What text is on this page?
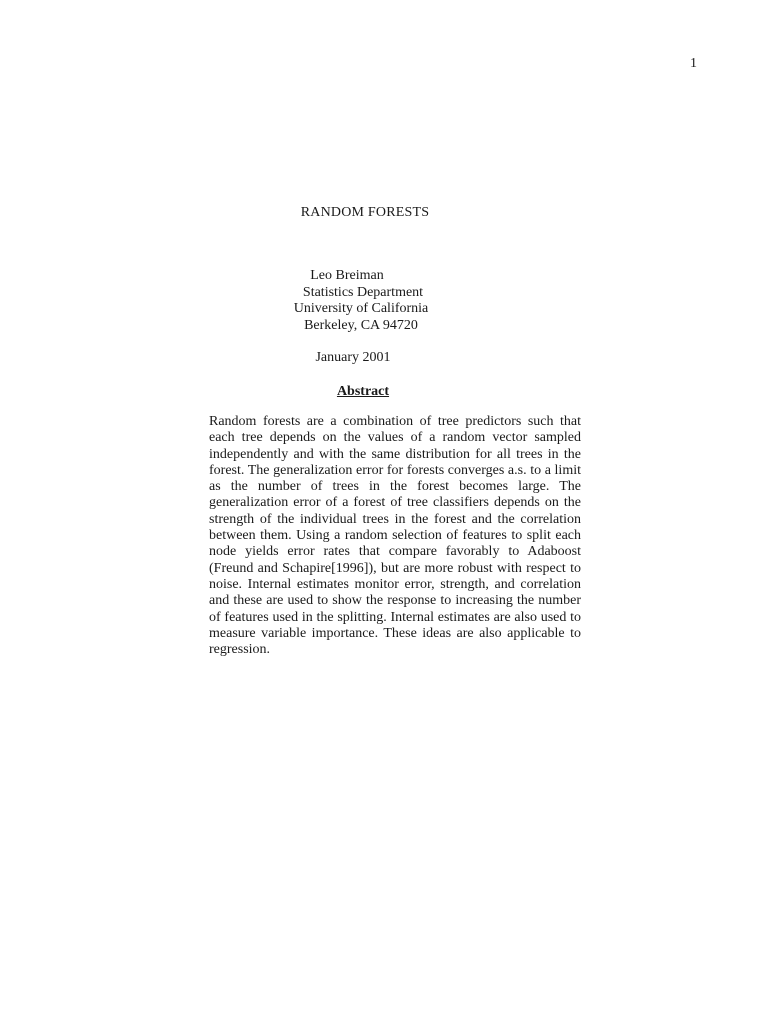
1
RANDOM FORESTS
Leo Breiman
Statistics Department
University of California
Berkeley, CA 94720
January 2001
Abstract

Random forests are a combination of tree predictors such that each tree depends on the values of a random vector sampled independently and with the same distribution for all trees in the forest. The generalization error for forests converges a.s. to a limit as the number of trees in the forest becomes large. The generalization error of a forest of tree classifiers depends on the strength of the individual trees in the forest and the correlation between them. Using a random selection of features to split each node yields error rates that compare favorably to Adaboost (Freund and Schapire[1996]), but are more robust with respect to noise. Internal estimates monitor error, strength, and correlation and these are used to show the response to increasing the number of features used in the splitting. Internal estimates are also used to measure variable importance. These ideas are also applicable to regression.
